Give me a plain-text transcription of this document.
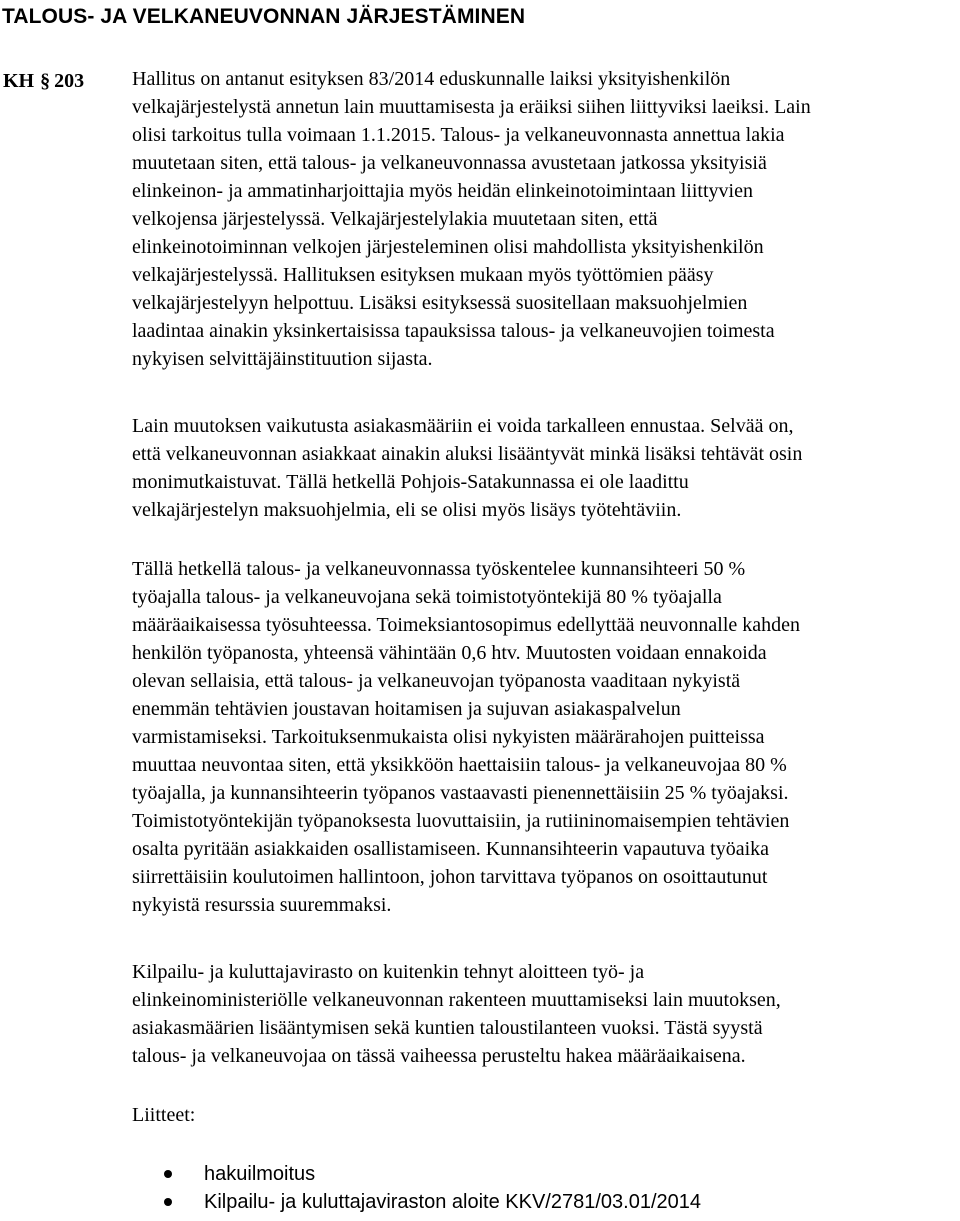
TALOUS- JA VELKANEUVONNAN JÄRJESTÄMINEN
KH § 203 Hallitus on antanut esityksen 83/2014 eduskunnalle laiksi yksityishenkilön
velkajärjestelystä annetun lain muuttamisesta ja eräiksi siihen liittyviksi laeiksi. Lain
olisi tarkoitus tulla voimaan 1.1.2015. Talous- ja velkaneuvonnasta annettua lakia
muutetaan siten, että talous- ja velkaneuvonnassa avustetaan jatkossa yksityisiä
elinkeinon- ja ammatinharjoittajia myös heidän elinkeinotoimintaan liittyvien
velkojensa järjestelyssä. Velkajärjestelylakia muutetaan siten, että
elinkeinotoiminnan velkojen järjesteleminen olisi mahdollista yksityishenkilön
velkajärjestelyssä. Hallituksen esityksen mukaan myös työttömien pääsy
velkajärjestelyyn helpottuu. Lisäksi esityksessä suositellaan maksuohjelmien
laadintaa ainakin yksinkertaisissa tapauksissa talous- ja velkaneuvojien toimesta
nykyisen selvittäjäinstituution sijasta.
Lain muutoksen vaikutusta asiakasmääriin ei voida tarkalleen ennustaa. Selvää on,
että velkaneuvonnan asiakkaat ainakin aluksi lisääntyvät minkä lisäksi tehtävät osin
monimutkaistuvat. Tällä hetkellä Pohjois-Satakunnassa ei ole laadittu
velkajärjestelyn maksuohjelmia, eli se olisi myös lisäys työtehtäviin.
Tällä hetkellä talous- ja velkaneuvonnassa työskentelee kunnansihteeri 50 %
työajalla talous- ja velkaneuvojana sekä toimistotyöntekijä 80 % työajalla
määräaikaisessa työsuhteessa. Toimeksiantosopimus edellyttää neuvonnalle kahden
henkilön työpanosta, yhteensä vähintään 0,6 htv. Muutosten voidaan ennakoida
olevan sellaisia, että talous- ja velkaneuvojan työpanosta vaaditaan nykyistä
enemmän tehtävien joustavan hoitamisen ja sujuvan asiakaspalvelun
varmistamiseksi. Tarkoituksenmukaista olisi nykyisten määrärahojen puitteissa
muuttaa neuvontaa siten, että yksikköön haettaisiin talous- ja velkaneuvojaa 80 %
työajalla, ja kunnansihteerin työpanos vastaavasti pienennettäisiin 25 % työajaksi.
Toimistotyöntekijän työpanoksesta luovuttaisiin, ja rutiininomaisempien tehtävien
osalta pyritään asiakkaiden osallistamiseen. Kunnansihteerin vapautuva työaika
siirrettäisiin koulutoimen hallintoon, johon tarvittava työpanos on osoittautunut
nykyistä resurssia suuremmaksi.
Kilpailu- ja kuluttajavirasto on kuitenkin tehnyt aloitteen työ- ja
elinkeinoministeriölle velkaneuvonnan rakenteen muuttamiseksi lain muutoksen,
asiakasmäärien lisääntymisen sekä kuntien taloustilanteen vuoksi. Tästä syystä
talous- ja velkaneuvojaa on tässä vaiheessa perusteltu hakea määräaikaisena.
Liitteet:
hakuilmoitus
Kilpailu- ja kuluttajaviraston aloite KKV/2781/03.01/2014
